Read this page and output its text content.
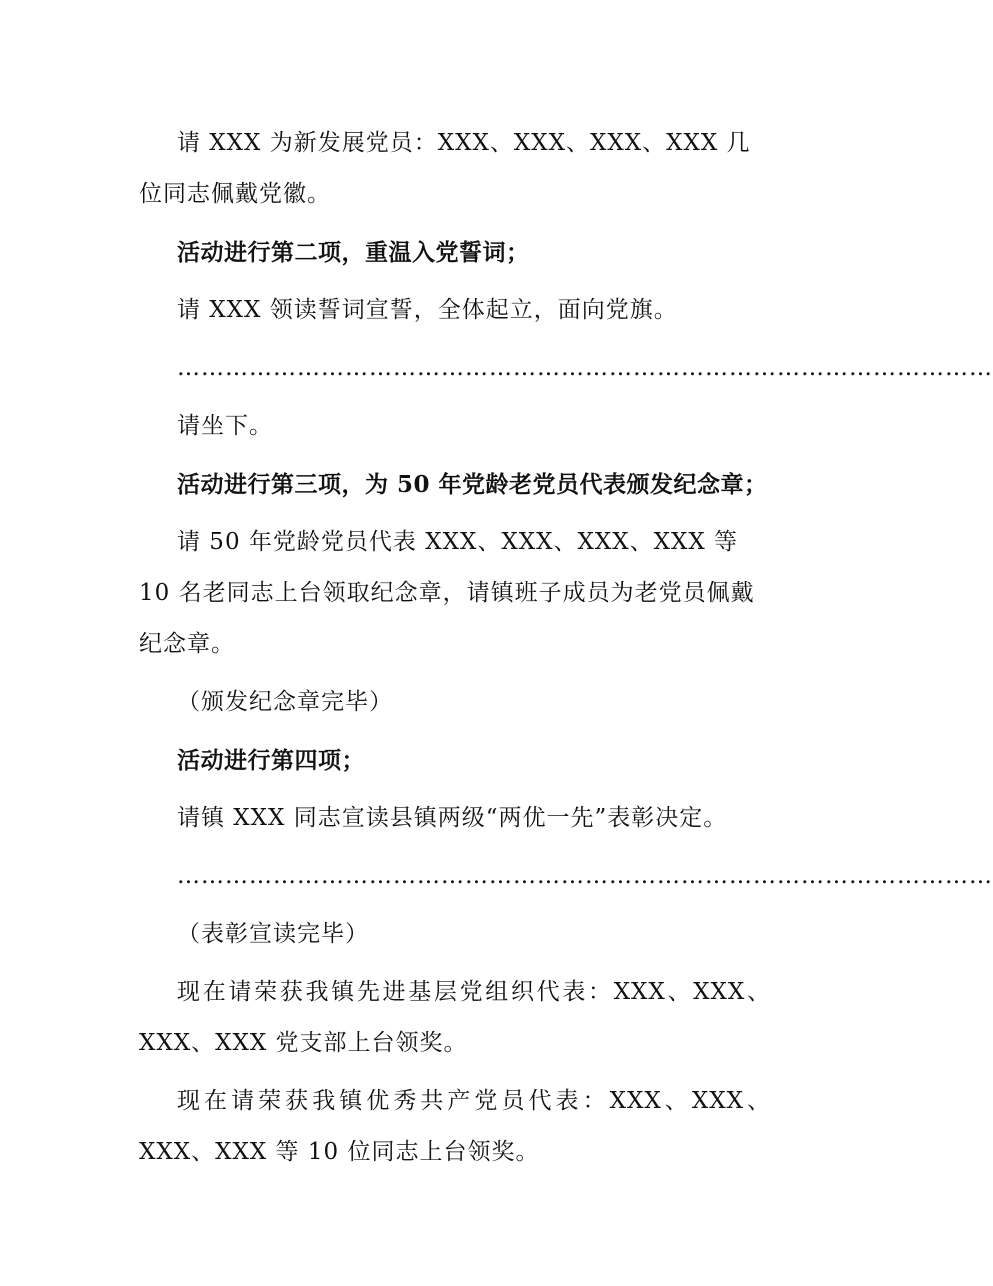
请 XXX 为新发展党员：XXX、XXX、XXX、XXX 几位同志佩戴党徽。

活动进行第二项，重温入党誓词；

请 XXX 领读誓词宣誓，全体起立，面向党旗。

…………………………………………………………………………………………

请坐下。

活动进行第三项，为 50 年党龄老党员代表颁发纪念章；

请 50 年党龄党员代表 XXX、XXX、XXX、XXX 等 10 名老同志上台领取纪念章，请镇班子成员为老党员佩戴纪念章。

（颁发纪念章完毕）

活动进行第四项；

请镇 XXX 同志宣读县镇两级“两优一先”表彰决定。

…………………………………………………………………………………………

（表彰宣读完毕）

现在请荣获我镇先进基层党组织代表：XXX、XXX、XXX、XXX 党支部上台领奖。

现在请荣获我镇优秀共产党员代表：XXX、XXX、XXX、XXX 等 10 位同志上台领奖。
